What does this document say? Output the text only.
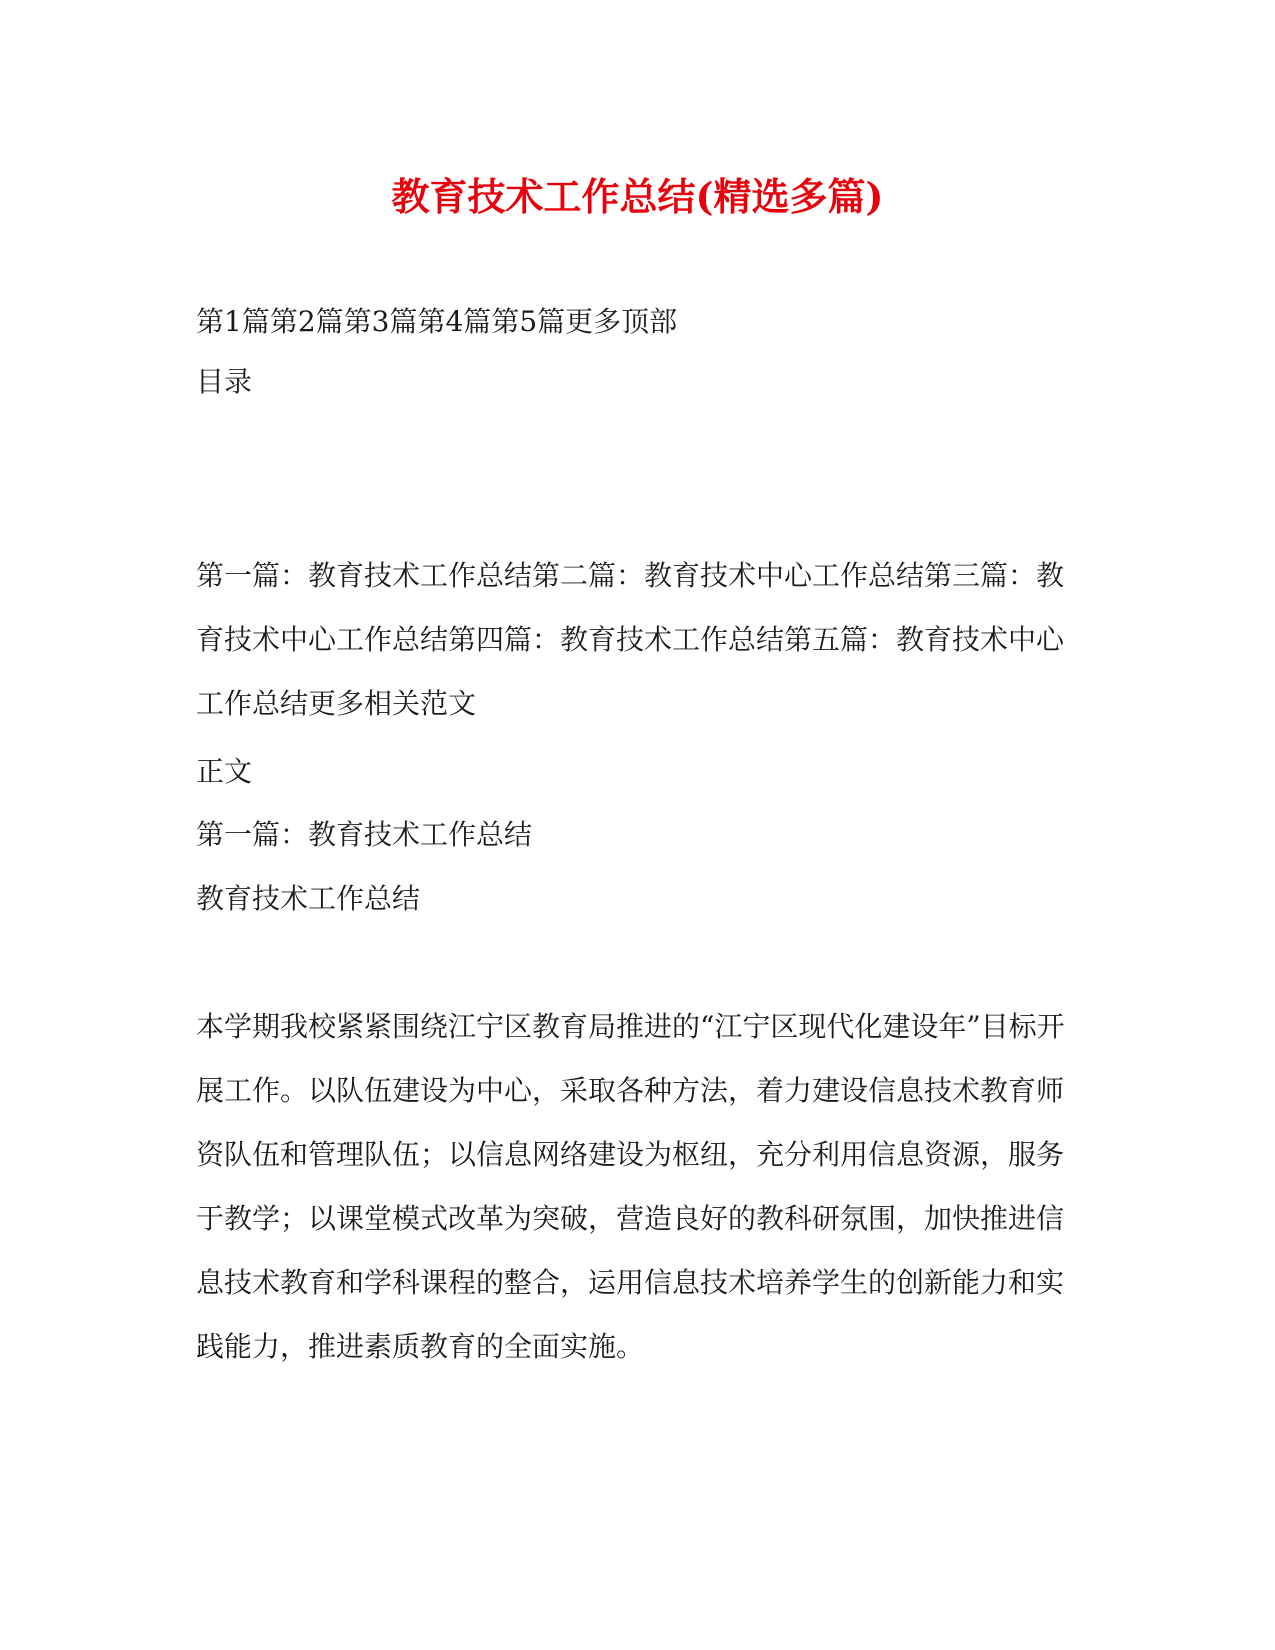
教育技术工作总结(精选多篇)
第1篇第2篇第3篇第4篇第5篇更多顶部

目录

第一篇：教育技术工作总结第二篇：教育技术中心工作总结第三篇：教育技术中心工作总结第四篇：教育技术工作总结第五篇：教育技术中心工作总结更多相关范文

正文

第一篇：教育技术工作总结

教育技术工作总结

本学期我校紧紧围绕江宁区教育局推进的“江宁区现代化建设年”目标开展工作。以队伍建设为中心，采取各种方法，着力建设信息技术教育师资队伍和管理队伍；以信息网络建设为枢纽，充分利用信息资源，服务于教学；以课堂模式改革为突破，营造良好的教科研氛围，加快推进信息技术教育和学科课程的整合，运用信息技术培养学生的创新能力和实践能力，推进素质教育的全面实施。
